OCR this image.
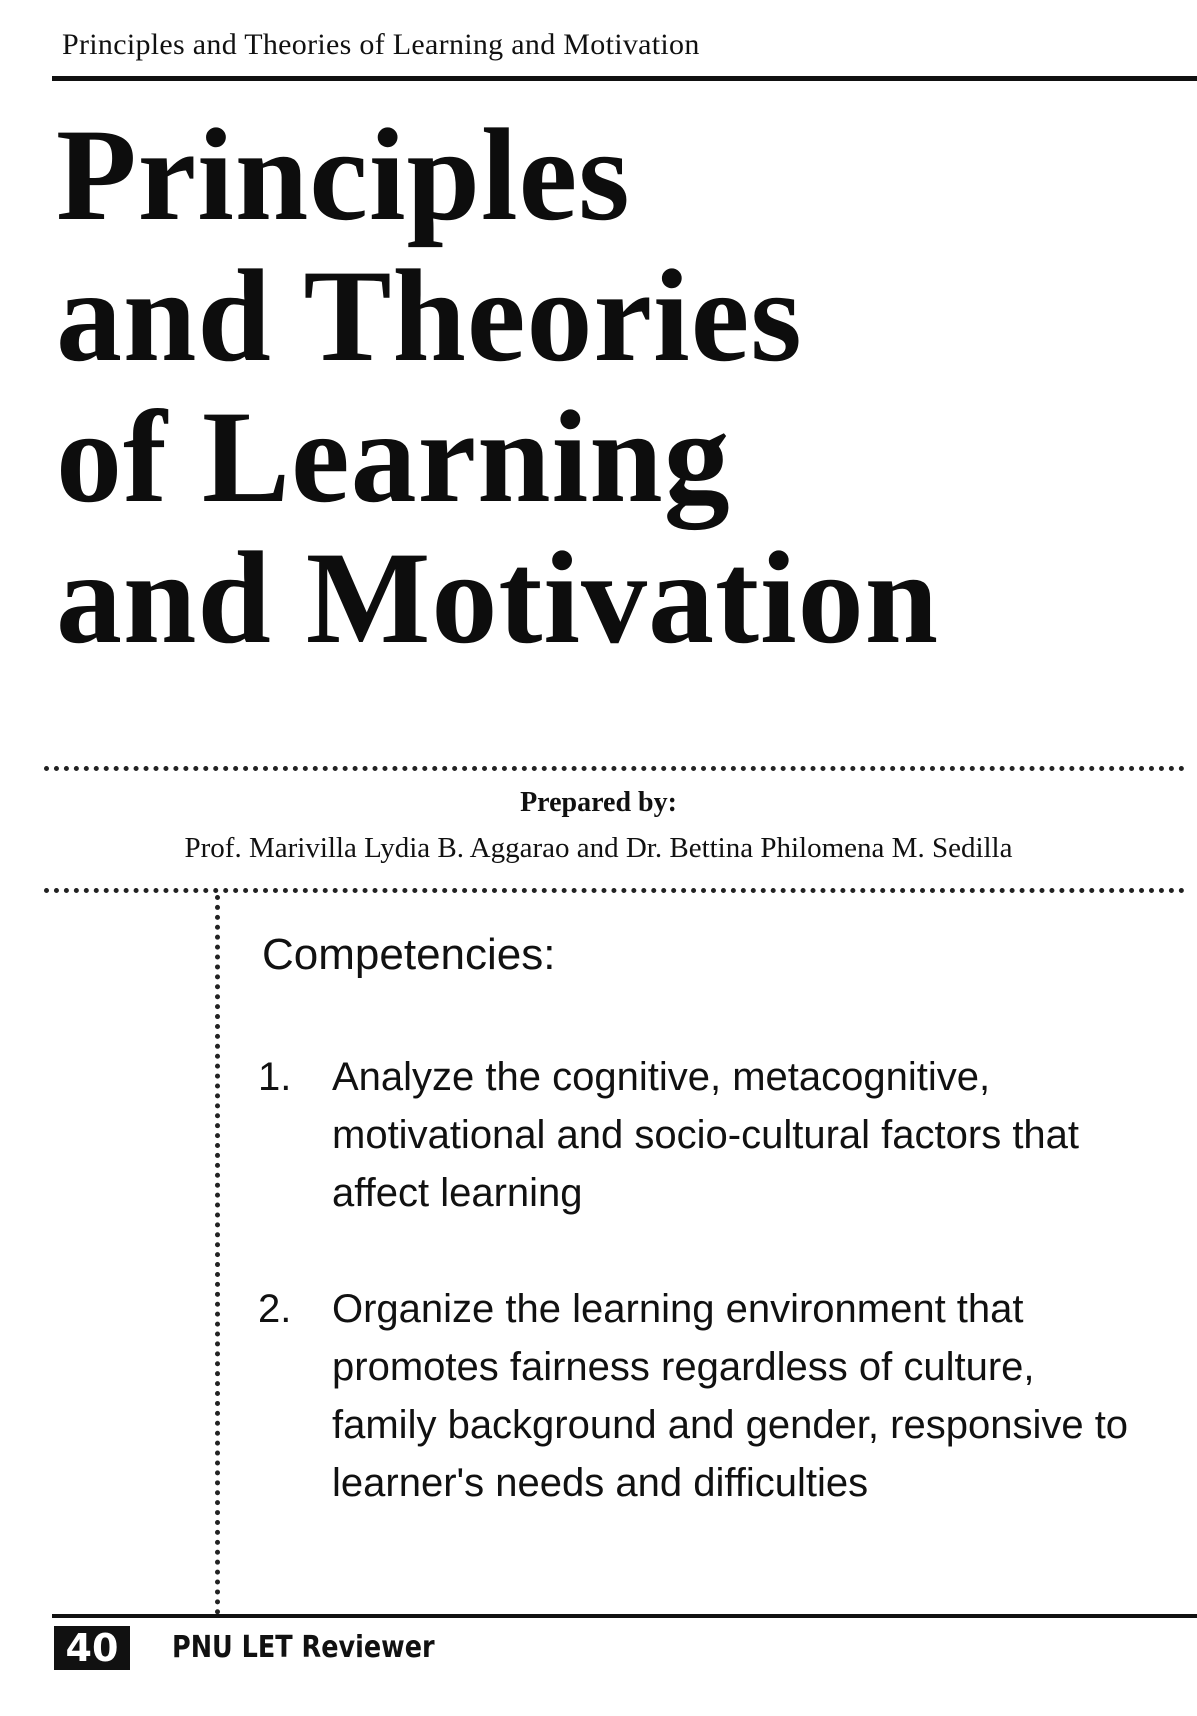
Principles and Theories of Learning and Motivation
Principles
and Theories
of Learning
and Motivation
Prepared by:
Prof. Marivilla Lydia B. Aggarao and Dr. Bettina Philomena M. Sedilla
Competencies:
1. Analyze the cognitive, metacognitive, motivational and socio-cultural factors that affect learning
2. Organize the learning environment that promotes fairness regardless of culture, family background and gender, responsive to learner's needs and difficulties
40	PNU LET Reviewer
